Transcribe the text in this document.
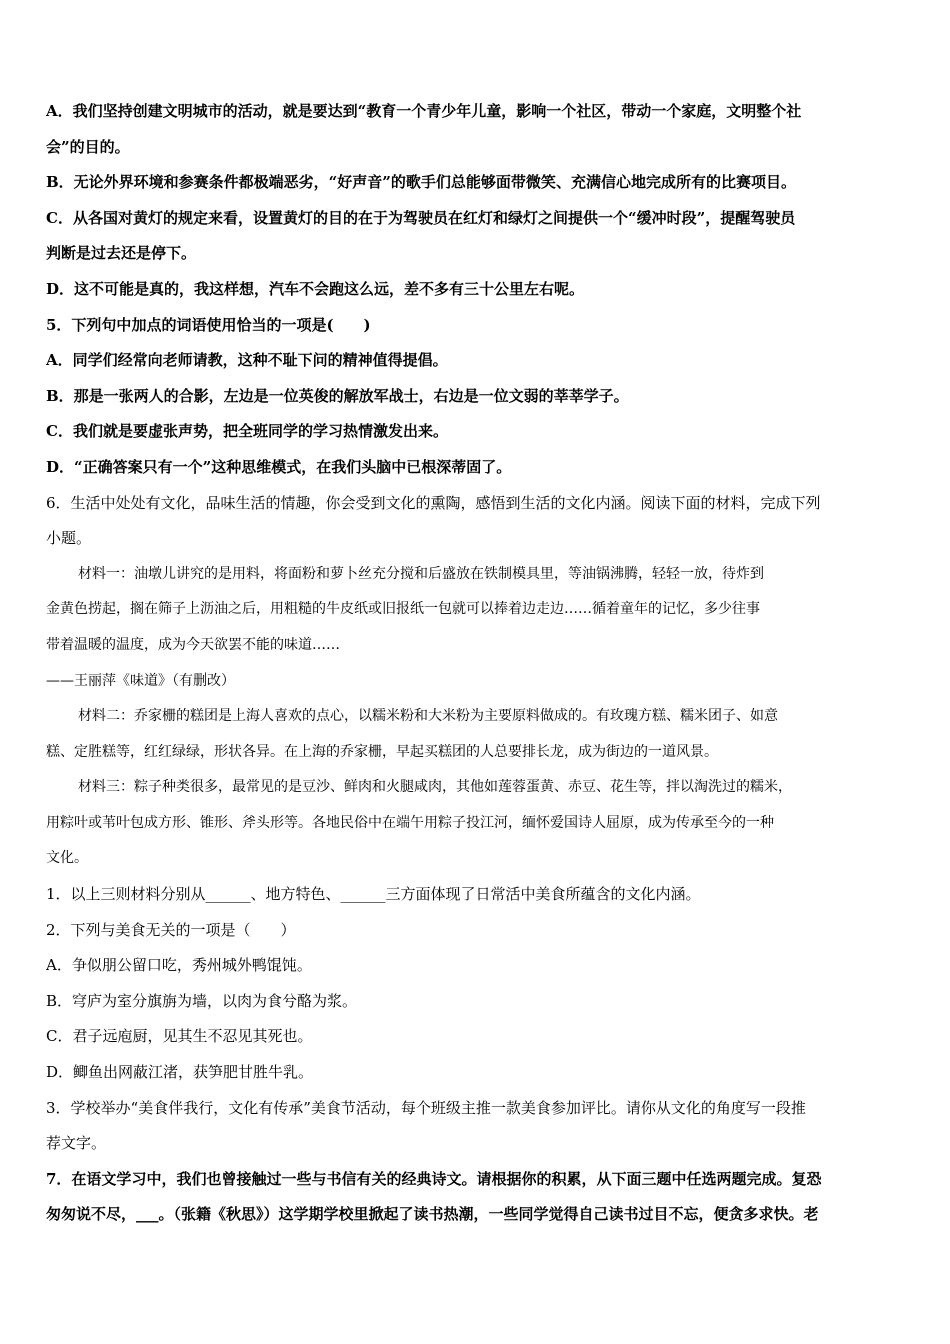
A．我们坚持创建文明城市的活动，就是要达到“教育一个青少年儿童，影响一个社区，带动一个家庭，文明整个社
会”的目的。
B．无论外界环境和参赛条件都极端恶劣，“好声音”的歌手们总能够面带微笑、充满信心地完成所有的比赛项目。
C．从各国对黄灯的规定来看，设置黄灯的目的在于为驾驶员在红灯和绿灯之间提供一个“缓冲时段”，提醒驾驶员
判断是过去还是停下。
D．这不可能是真的，我这样想，汽车不会跑这么远，差不多有三十公里左右呢。
5．下列句中加点的词语使用恰当的一项是(　　)
A．同学们经常向老师请教，这种不耻下问的精神值得提倡。
B．那是一张两人的合影，左边是一位英俊的解放军战士，右边是一位文弱的莘莘学子。
C．我们就是要虚张声势，把全班同学的学习热情激发出来。
D．“正确答案只有一个”这种思维模式，在我们头脑中已根深蒂固了。
6．生活中处处有文化，品味生活的情趣，你会受到文化的熏陶，感悟到生活的文化内涵。阅读下面的材料，完成下列
小题。
材料一：油墩儿讲究的是用料，将面粉和萝卜丝充分搅和后盛放在铁制模具里，等油锅沸腾，轻轻一放，待炸到
金黄色捞起，搁在筛子上沥油之后，用粗糙的牛皮纸或旧报纸一包就可以捧着边走边……循着童年的记忆，多少往事
带着温暖的温度，成为今天欲罢不能的味道……
——王丽萍《味道》（有删改）
材料二：乔家栅的糕团是上海人喜欢的点心，以糯米粉和大米粉为主要原料做成的。有玫瑰方糕、糯米团子、如意
糕、定胜糕等，红红绿绿，形状各异。在上海的乔家栅，早起买糕团的人总要排长龙，成为街边的一道风景。
材料三：粽子种类很多，最常见的是豆沙、鲜肉和火腿咸肉，其他如莲蓉蛋黄、赤豆、花生等，拌以淘洗过的糯米，
用粽叶或苇叶包成方形、锥形、斧头形等。各地民俗中在端午用粽子投江河，缅怀爱国诗人屈原，成为传承至今的一种
文化。
1．以上三则材料分别从______、地方特色、______三方面体现了日常活中美食所蕴含的文化内涵。
2．下列与美食无关的一项是（　　）
A．争似朋公留口吃，秀州城外鸭馄饨。
B．穹庐为室分旗旃为墙，以肉为食兮酪为浆。
C．君子远庖厨，见其生不忍见其死也。
D．鲫鱼出网蔽江渚，获笋肥甘胜牛乳。
3．学校举办“美食伴我行，文化有传承”美食节活动，每个班级主推一款美食参加评比。请你从文化的角度写一段推
荐文字。
7．在语文学习中，我们也曾接触过一些与书信有关的经典诗文。请根据你的积累，从下面三题中任选两题完成。复恐
匆匆说不尽，___。（张籍《秋思》）这学期学校里掀起了读书热潮，一些同学觉得自己读书过目不忘，便贪多求快。老
